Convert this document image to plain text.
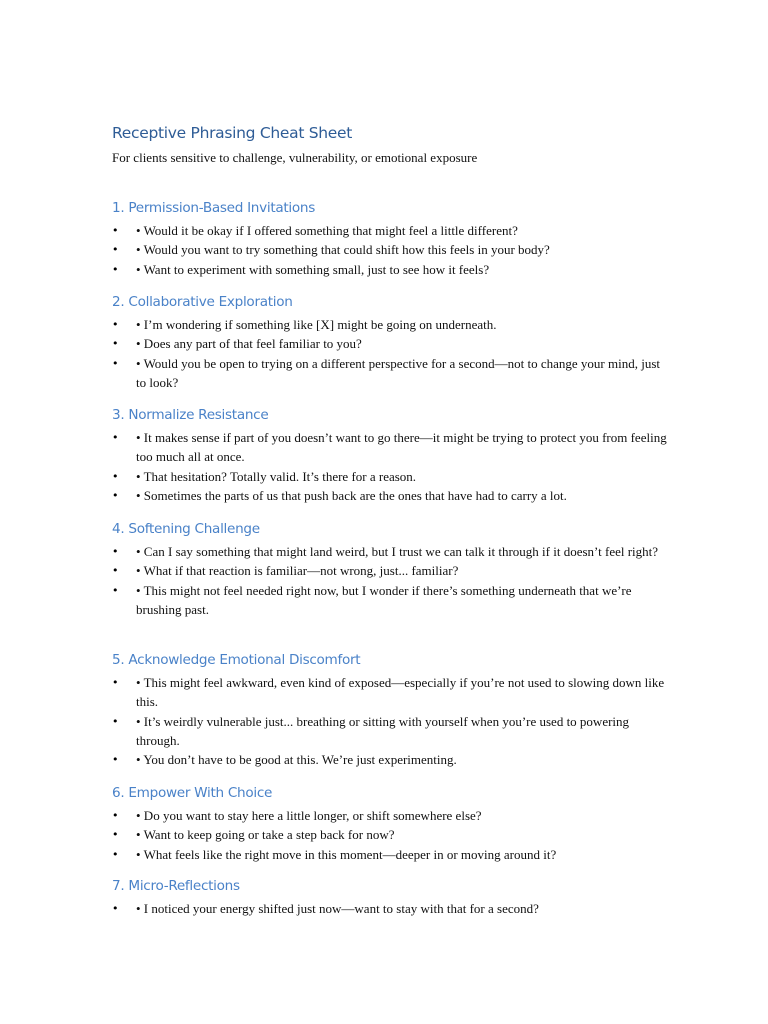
Receptive Phrasing Cheat Sheet

For clients sensitive to challenge, vulnerability, or emotional exposure

1. Permission-Based Invitations
• • Would it be okay if I offered something that might feel a little different?
• • Would you want to try something that could shift how this feels in your body?
• • Want to experiment with something small, just to see how it feels?
2. Collaborative Exploration
• • I’m wondering if something like [X] might be going on underneath.
• • Does any part of that feel familiar to you?
• • Would you be open to trying on a different perspective for a second—not to change your mind, just to look?
3. Normalize Resistance
• • It makes sense if part of you doesn’t want to go there—it might be trying to protect you from feeling too much all at once.
• • That hesitation? Totally valid. It’s there for a reason.
• • Sometimes the parts of us that push back are the ones that have had to carry a lot.
4. Softening Challenge
• • Can I say something that might land weird, but I trust we can talk it through if it doesn’t feel right?
• • What if that reaction is familiar—not wrong, just... familiar?
• • This might not feel needed right now, but I wonder if there’s something underneath that we’re brushing past.
5. Acknowledge Emotional Discomfort
• • This might feel awkward, even kind of exposed—especially if you’re not used to slowing down like this.
• • It’s weirdly vulnerable just... breathing or sitting with yourself when you’re used to powering through.
• • You don’t have to be good at this. We’re just experimenting.
6. Empower With Choice
• • Do you want to stay here a little longer, or shift somewhere else?
• • Want to keep going or take a step back for now?
• • What feels like the right move in this moment—deeper in or moving around it?
7. Micro-Reflections
• • I noticed your energy shifted just now—want to stay with that for a second?
